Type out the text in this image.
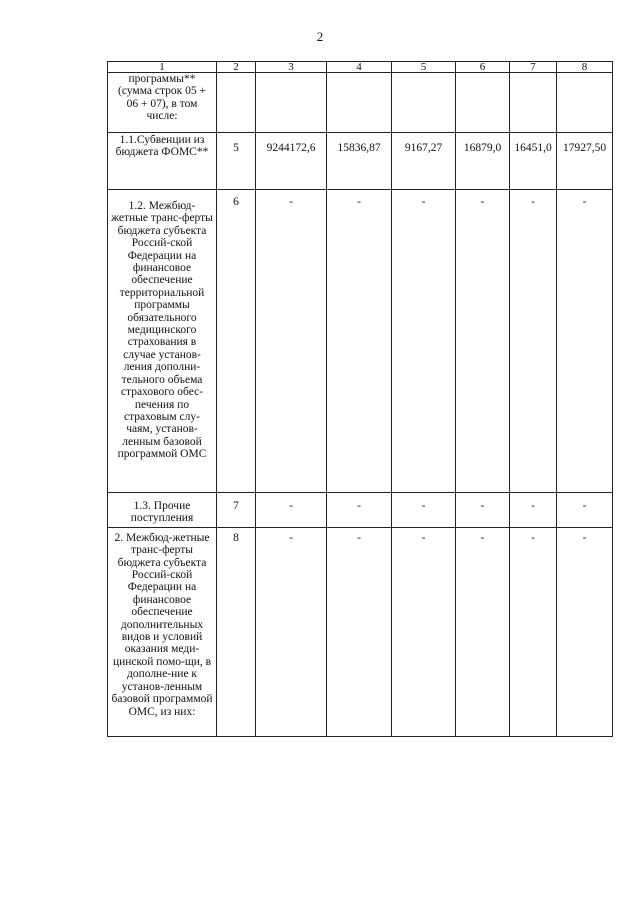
2
1	2	3	4	5	6	7	8
программы** (сумма строк 05 + 06 + 07), в том числе:							
1.1.Субвенции из бюджета ФОМС**	5	9244172,6	15836,87	9167,27	16879,0	16451,0	17927,50
1.2. Межбюд-жетные транс-ферты бюджета субъекта Россий-ской Федерации на финансовое обеспечение территориальной программы обязательного медицинского страхования в случае установ-ления дополни-тельного объема страхового обес-печения по страховым слу-чаям, установ-ленным базовой программой ОМС	6	-	-	-	-	-	-
1.3. Прочие поступления	7	-	-	-	-	-	-
2. Межбюд-жетные транс-ферты бюджета субъекта Россий-ской Федерации на финансовое обеспечение дополнительных видов и условий оказания меди-цинской помо-щи, в дополне-ние к установ-ленным базовой программой ОМС, из них:	8	-	-	-	-	-	-
